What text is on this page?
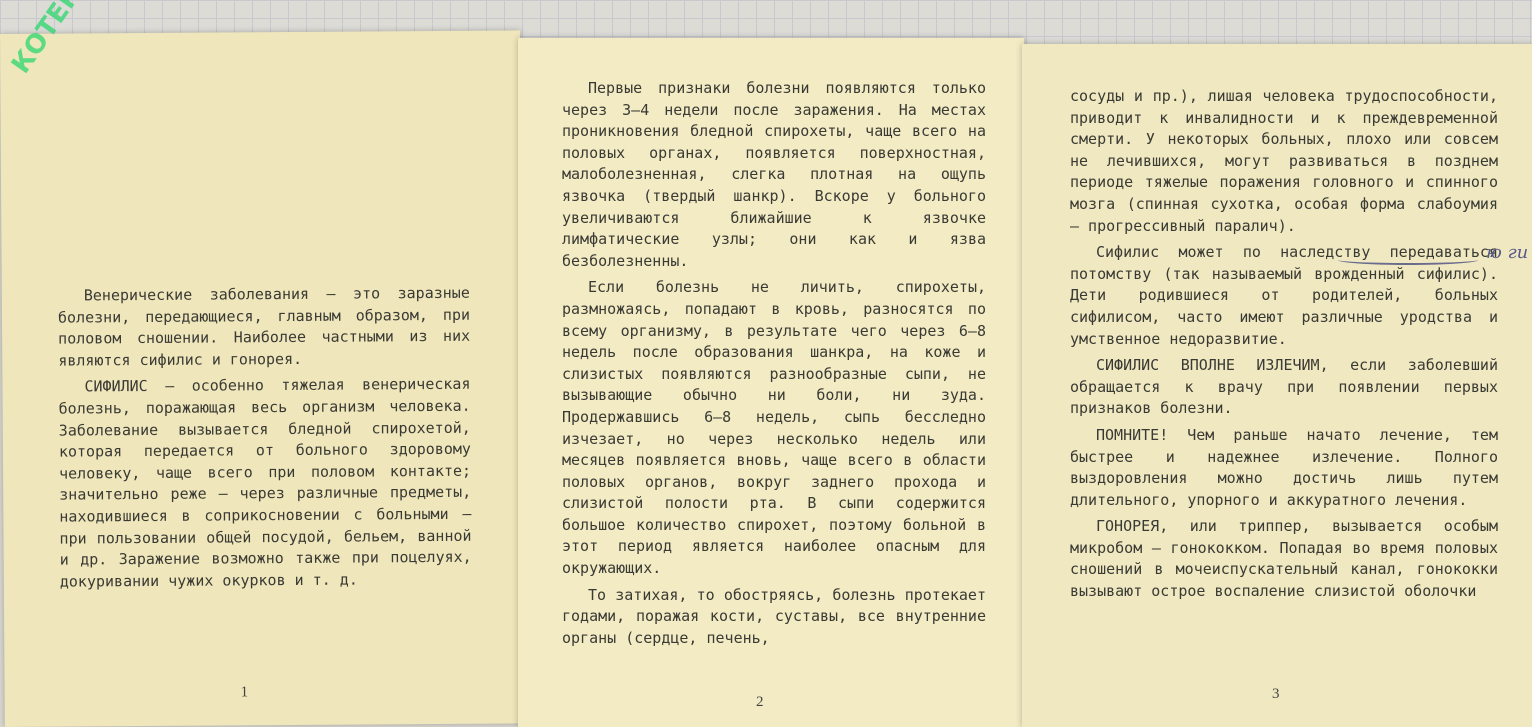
Венерические заболевания – это заразные болезни, передающиеся, главным образом, при половом сношении. Наиболее частными из них являются сифилис и гонорея.

СИФИЛИС – особенно тяжелая венерическая болезнь, поражающая весь организм человека. Заболевание вызывается бледной спирохетой, которая передается от больного здоровому человеку, чаще всего при половом контакте; значительно реже – через различные предметы, находившиеся в соприкосновении с больными – при пользовании общей посудой, бельем, ванной и др. Заражение возможно также при поцелуях, докуривании чужих окурков и т. д.

1

Первые признаки болезни появляются только через 3–4 недели после заражения. На местах проникновения бледной спирохеты, чаще всего на половых органах, появляется поверхностная, малоболезненная, слегка плотная на ощупь язвочка (твердый шанкр). Вскоре у больного увеличиваются ближайшие к язвочке лимфатические узлы; они как и язва безболезненны.

Если болезнь не личить, спирохеты, размножаясь, попадают в кровь, разносятся по всему организму, в результате чего через 6–8 недель после образования шанкра, на коже и слизистых появляются разнообразные сыпи, не вызывающие обычно ни боли, ни зуда. Продержавшись 6–8 недель, сыпь бесследно изчезает, но через несколько недель или месяцев появляется вновь, чаще всего в области половых органов, вокруг заднего прохода и слизистой полости рта. В сыпи содержится большое количество спирохет, поэтому больной в этот период является наиболее опасным для окружающих.

То затихая, то обостряясь, болезнь протекает годами, поражая кости, суставы, все внутренние органы (сердце, печень,

2

сосуды и пр.), лишая человека трудоспособности, приводит к инвалидности и к преждевременной смерти. У некоторых больных, плохо или совсем не лечившихся, могут развиваться в позднем периоде тяжелые поражения головного и спинного мозга (спинная сухотка, особая форма слабоумия – прогрессивный паралич).

Сифилис может по наследству передаваться потомству (так называемый врожденный сифилис). Дети родившиеся от родителей, больных сифилисом, часто имеют различные уродства и умственное недоразвитие.

СИФИЛИС ВПОЛНЕ ИЗЛЕЧИМ, если заболевший обращается к врачу при появлении первых признаков болезни.

ПОМНИТЕ! Чем раньше начато лечение, тем быстрее и надежнее излечение. Полного выздоровления можно достичь лишь путем длительного, упорного и аккуратного лечения.

ГОНОРЕЯ, или триппер, вызывается особым микробом – гонококком. Попадая во время половых сношений в мочеиспускательный канал, гонококки вызывают острое воспаление слизистой оболочки

ю ги
3
